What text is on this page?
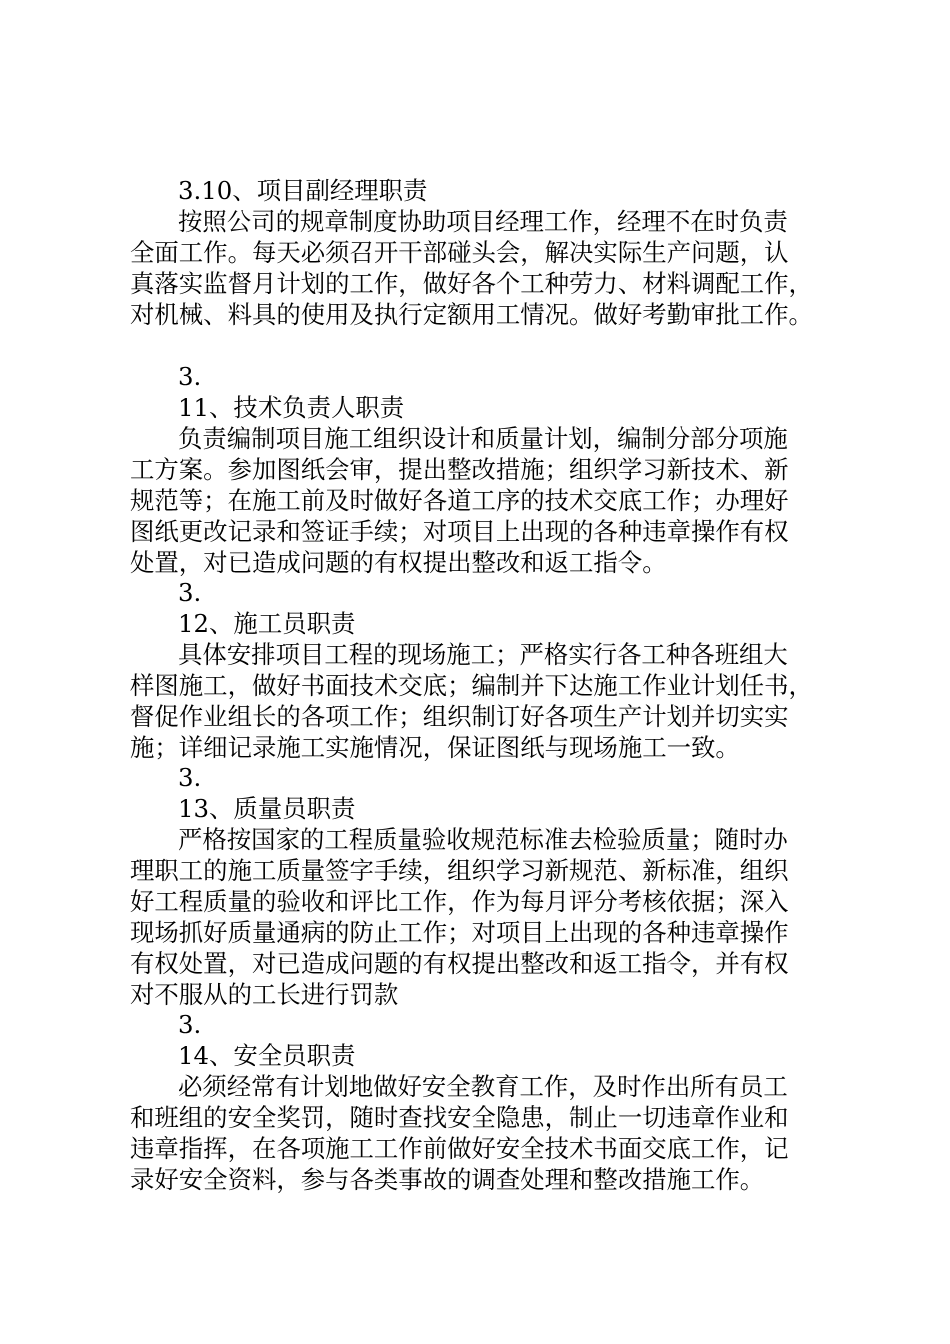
3.10、项目副经理职责
按照公司的规章制度协助项目经理工作，经理不在时负责
全面工作。每天必须召开干部碰头会，解决实际生产问题，认
真落实监督月计划的工作，做好各个工种劳力、材料调配工作，
对机械、料具的使用及执行定额用工情况。做好考勤审批工作。
3.
11、技术负责人职责
负责编制项目施工组织设计和质量计划，编制分部分项施
工方案。参加图纸会审，提出整改措施；组织学习新技术、新
规范等；在施工前及时做好各道工序的技术交底工作；办理好
图纸更改记录和签证手续；对项目上出现的各种违章操作有权
处置，对已造成问题的有权提出整改和返工指令。
3.
12、施工员职责
具体安排项目工程的现场施工；严格实行各工种各班组大
样图施工，做好书面技术交底；编制并下达施工作业计划任书，
督促作业组长的各项工作；组织制订好各项生产计划并切实实
施；详细记录施工实施情况，保证图纸与现场施工一致。
3.
13、质量员职责
严格按国家的工程质量验收规范标准去检验质量；随时办
理职工的施工质量签字手续，组织学习新规范、新标准，组织
好工程质量的验收和评比工作，作为每月评分考核依据；深入
现场抓好质量通病的防止工作；对项目上出现的各种违章操作
有权处置，对已造成问题的有权提出整改和返工指令，并有权
对不服从的工长进行罚款
3.
14、安全员职责
必须经常有计划地做好安全教育工作，及时作出所有员工
和班组的安全奖罚，随时查找安全隐患，制止一切违章作业和
违章指挥，在各项施工工作前做好安全技术书面交底工作，记
录好安全资料，参与各类事故的调查处理和整改措施工作。
